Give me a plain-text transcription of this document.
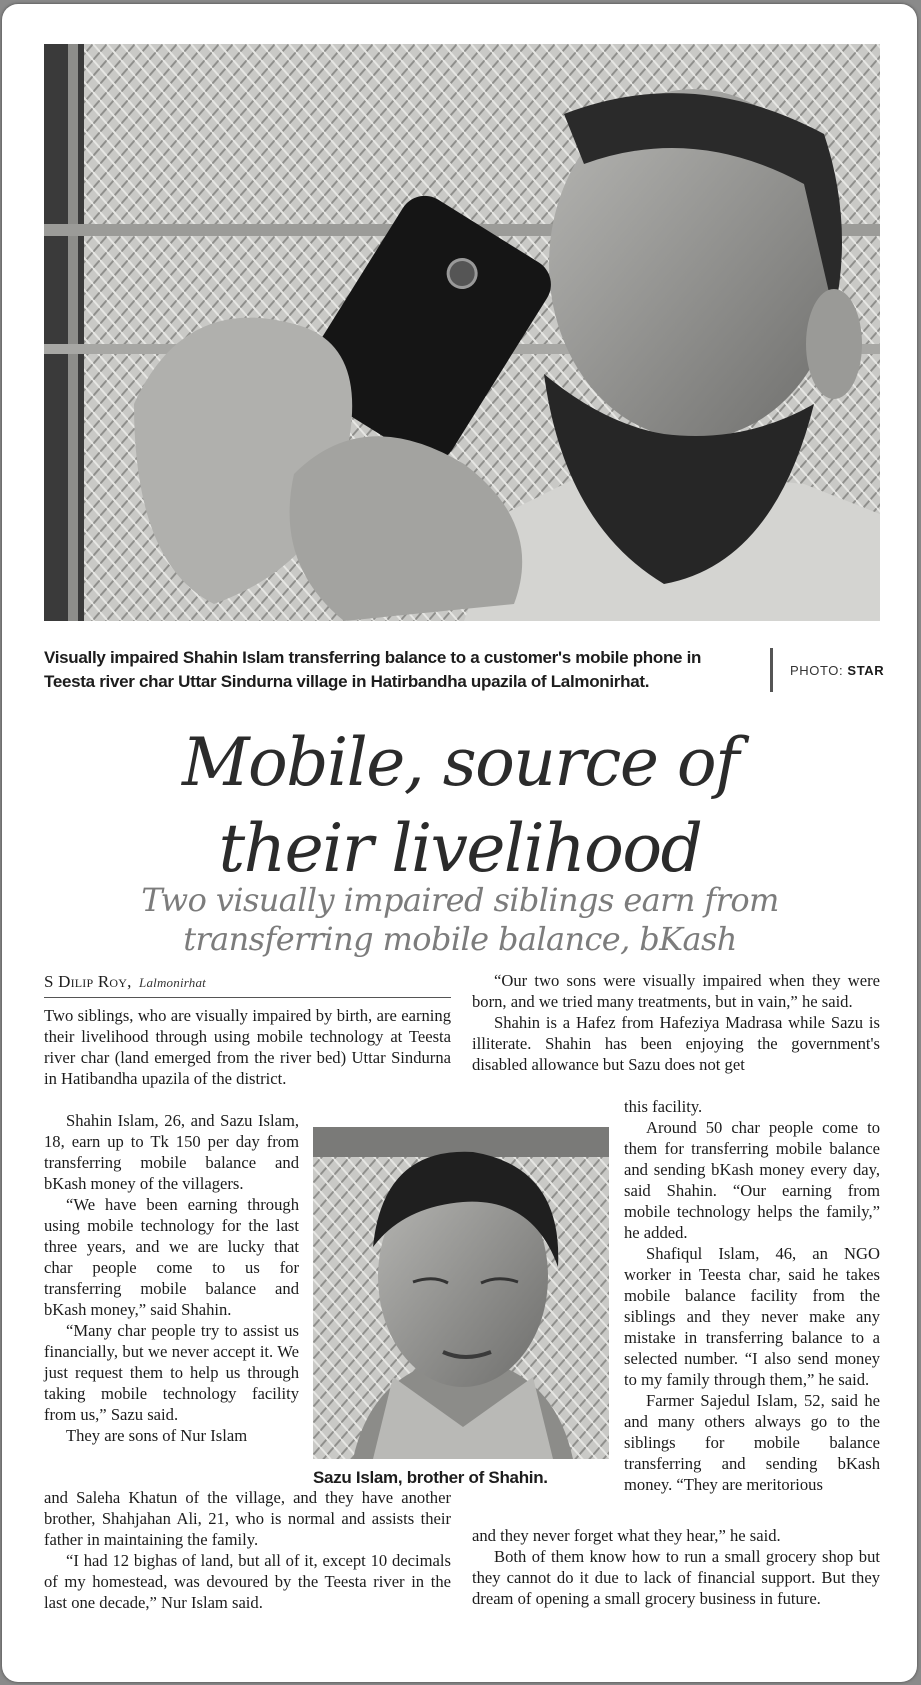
Visually impaired Shahin Islam transferring balance to a customer's mobile phone in Teesta river char Uttar Sindurna village in Hatirbandha upazila of Lalmonirhat.
PHOTO: STAR
Mobile, source of
their livelihood
Two visually impaired siblings earn from
transferring mobile balance, bKash
S Dilip Roy, Lalmonirhat

Two siblings, who are visually impaired by birth, are earning their livelihood through using mobile technology at Teesta river char (land emerged from the river bed) Uttar Sindurna in Hatibandha upazila of the district.

Shahin Islam, 26, and Sazu Islam, 18, earn up to Tk 150 per day from transferring mobile balance and bKash money of the villagers.

“We have been earning through using mobile technology for the last three years, and we are lucky that char people come to us for transferring mobile balance and bKash money,” said Shahin.

“Many char people try to assist us financially, but we never accept it. We just request them to help us through taking mobile technology facility from us,” Sazu said.

They are sons of Nur Islam

and Saleha Khatun of the village, and they have another brother, Shahjahan Ali, 21, who is normal and assists their father in maintaining the family.

“I had 12 bighas of land, but all of it, except 10 decimals of my homestead, was devoured by the Teesta river in the last one decade,” Nur Islam said.

Sazu Islam, brother of Shahin.

“Our two sons were visually impaired when they were born, and we tried many treatments, but in vain,” he said.

Shahin is a Hafez from Hafeziya Madrasa while Sazu is illiterate. Shahin has been enjoying the government's disabled allowance but Sazu does not get

this facility.

Around 50 char people come to them for transferring mobile balance and sending bKash money every day, said Shahin. “Our earning from mobile technology helps the family,” he added.

Shafiqul Islam, 46, an NGO worker in Teesta char, said he takes mobile balance facility from the siblings and they never make any mistake in transferring balance to a selected number. “I also send money to my family through them,” he said.

Farmer Sajedul Islam, 52, said he and many others always go to the siblings for mobile balance transferring and sending bKash money. “They are meritorious

and they never forget what they hear,” he said.

Both of them know how to run a small grocery shop but they cannot do it due to lack of financial support. But they dream of opening a small grocery business in future.
